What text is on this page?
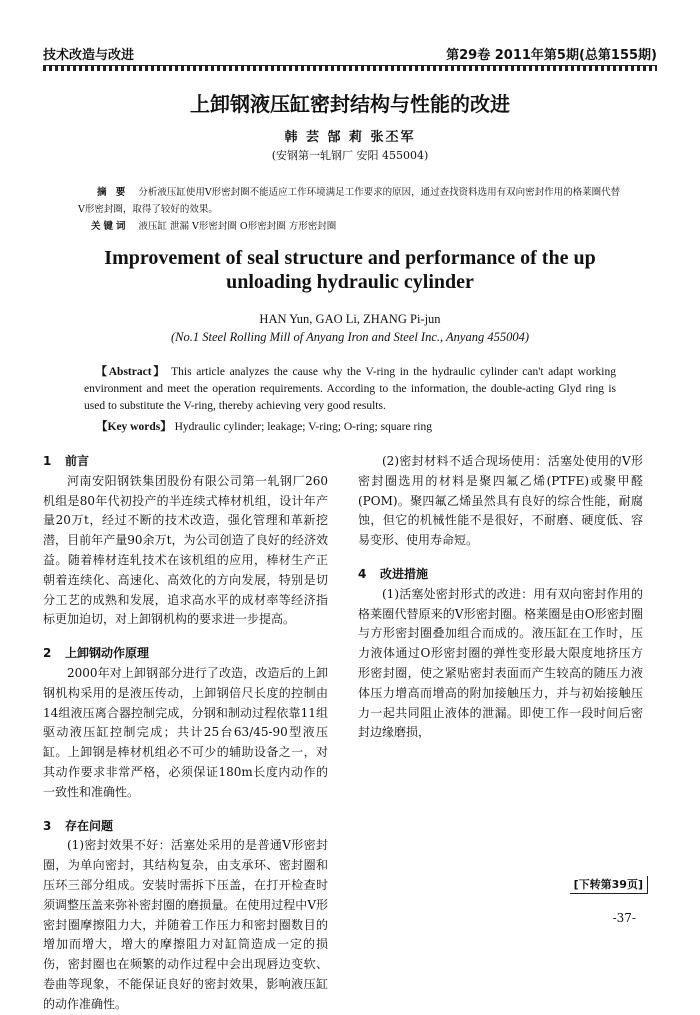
技术改造与改进	第29卷 2011年第5期(总第155期)
上卸钢液压缸密封结构与性能的改进
韩 芸 郜 莉 张丕军
(安钢第一轧钢厂 安阳 455004)
摘 要 分析液压缸使用V形密封圈不能适应工作环境满足工作要求的原因，通过查找资料选用有双向密封作用的格莱圈代替V形密封圈，取得了较好的效果。
关键词 液压缸 泄漏 V形密封圈 O形密封圈 方形密封圈
Improvement of seal structure and performance of the up unloading hydraulic cylinder
HAN Yun, GAO Li, ZHANG Pi-jun
(No.1 Steel Rolling Mill of Anyang Iron and Steel Inc., Anyang 455004)
【Abstract】 This article analyzes the cause why the V-ring in the hydraulic cylinder can't adapt working environment and meet the operation requirements. According to the information, the double-acting Glyd ring is used to substitute the V-ring, thereby achieving very good results.
【Key words】 Hydraulic cylinder; leakage; V-ring; O-ring; square ring

1 前言

河南安阳钢铁集团股份有限公司第一轧钢厂260机组是80年代初投产的半连续式棒材机组，设计年产量20万t，经过不断的技术改造，强化管理和革新挖潜，目前年产量90余万t，为公司创造了良好的经济效益。随着棒材连轧技术在该机组的应用，棒材生产正朝着连续化、高速化、高效化的方向发展，特别是切分工艺的成熟和发展，追求高水平的成材率等经济指标更加迫切，对上卸钢机构的要求进一步提高。

2 上卸钢动作原理

2000年对上卸钢部分进行了改造，改造后的上卸钢机构采用的是液压传动，上卸钢倍尺长度的控制由14组液压离合器控制完成，分钢和制动过程依靠11组驱动液压缸控制完成；共计25台63/45-90型液压缸。上卸钢是棒材机组必不可少的辅助设备之一，对其动作要求非常严格，必须保证180m长度内动作的一致性和准确性。

3 存在问题

(1)密封效果不好：活塞处采用的是普通V形密封圈，为单向密封，其结构复杂，由支承环、密封圈和压环三部分组成。安装时需拆下压盖，在打开检查时须调整压盖来弥补密封圈的磨损量。在使用过程中V形密封圈摩擦阻力大，并随着工作压力和密封圈数目的增加而增大，增大的摩擦阻力对缸筒造成一定的损伤，密封圈也在频繁的动作过程中会出现唇边变软、卷曲等现象，不能保证良好的密封效果，影响液压缸的动作准确性。

(2)密封材料不适合现场使用：活塞处使用的V形密封圈选用的材料是聚四氟乙烯(PTFE)或聚甲醛(POM)。聚四氟乙烯虽然具有良好的综合性能，耐腐蚀，但它的机械性能不是很好，不耐磨、硬度低、容易变形、使用寿命短。

4 改进措施

(1)活塞处密封形式的改进：用有双向密封作用的格莱圈代替原来的V形密封圈。格莱圈是由O形密封圈与方形密封圈叠加组合而成的。液压缸在工作时，压力液体通过O形密封圈的弹性变形最大限度地挤压方形密封圈，使之紧贴密封表面而产生较高的随压力液体压力增高而增高的附加接触压力，并与初始接触压力一起共同阻止液体的泄漏。即使工作一段时间后密封边缘磨损，

[下转第39页]
-37-
